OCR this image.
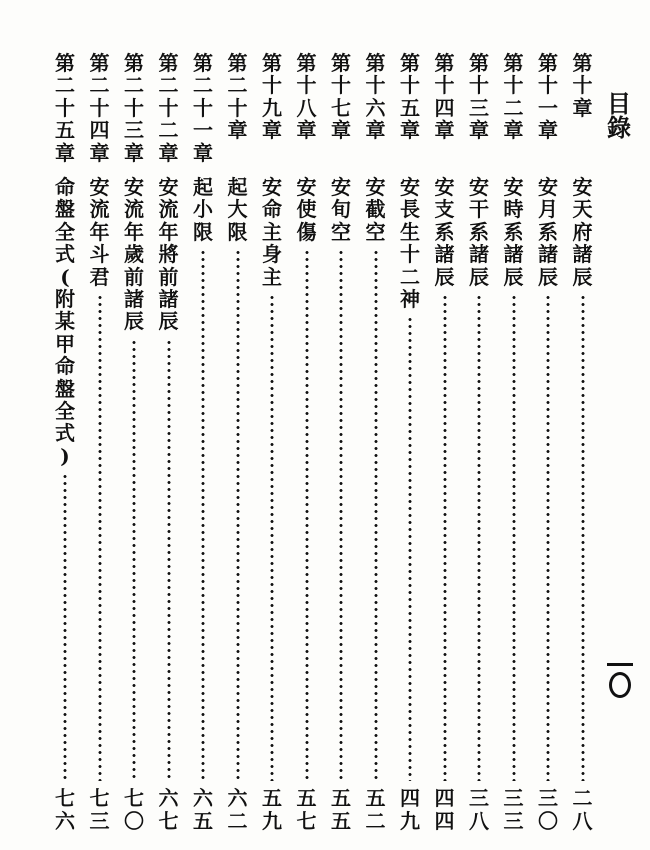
目
錄
第
十
章
安
天
府
諸
辰
二
八
第
十
一
章
安
月
系
諸
辰
三
〇
第
十
二
章
安
時
系
諸
辰
三
三
第
十
三
章
安
干
系
諸
辰
三
八
第
十
四
章
安
支
系
諸
辰
四
四
第
十
五
章
安
長
生
十
二
神
四
九
第
十
六
章
安
截
空
五
二
第
十
七
章
安
旬
空
五
五
第
十
八
章
安
使
傷
五
七
第
十
九
章
安
命
主
身
主
五
九
第
二
十
章
起
大
限
六
二
第
二
十
一
章
起
小
限
六
五
第
二
十
二
章
安
流
年
將
前
諸
辰
六
七
第
二
十
三
章
安
流
年
歲
前
諸
辰
七
〇
第
二
十
四
章
安
流
年
斗
君
七
三
第
二
十
五
章
命
盤
全
式
(
附
某
甲
命
盤
全
式
)
七
六
